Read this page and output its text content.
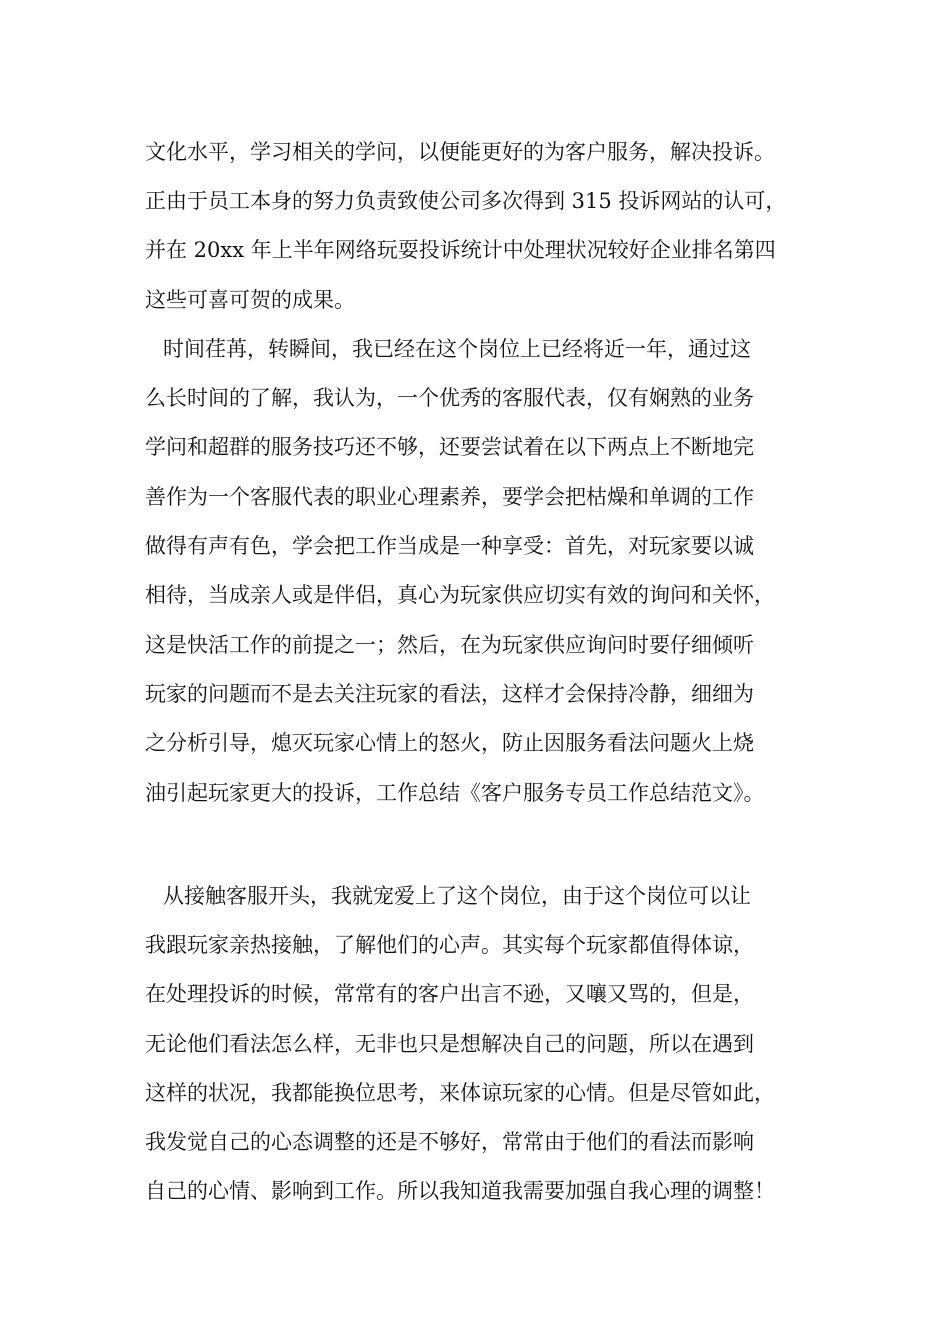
文化水平，学习相关的学问，以便能更好的为客户服务，解决投诉。
正由于员工本身的努力负责致使公司多次得到 315 投诉网站的认可，
并在 20xx 年上半年网络玩耍投诉统计中处理状况较好企业排名第四
这些可喜可贺的成果。
时间荏苒，转瞬间，我已经在这个岗位上已经将近一年，通过这
么长时间的了解，我认为，一个优秀的客服代表，仅有娴熟的业务
学问和超群的服务技巧还不够，还要尝试着在以下两点上不断地完
善作为一个客服代表的职业心理素养，要学会把枯燥和单调的工作
做得有声有色，学会把工作当成是一种享受：首先，对玩家要以诚
相待，当成亲人或是伴侣，真心为玩家供应切实有效的询问和关怀，
这是快活工作的前提之一；然后，在为玩家供应询问时要仔细倾听
玩家的问题而不是去关注玩家的看法，这样才会保持冷静，细细为
之分析引导，熄灭玩家心情上的怒火，防止因服务看法问题火上烧
油引起玩家更大的投诉，工作总结《客户服务专员工作总结范文》。
从接触客服开头，我就宠爱上了这个岗位，由于这个岗位可以让
我跟玩家亲热接触，了解他们的心声。其实每个玩家都值得体谅，
在处理投诉的时候，常常有的客户出言不逊，又嚷又骂的，但是，
无论他们看法怎么样，无非也只是想解决自己的问题，所以在遇到
这样的状况，我都能换位思考，来体谅玩家的心情。但是尽管如此，
我发觉自己的心态调整的还是不够好，常常由于他们的看法而影响
自己的心情、影响到工作。所以我知道我需要加强自我心理的调整！
